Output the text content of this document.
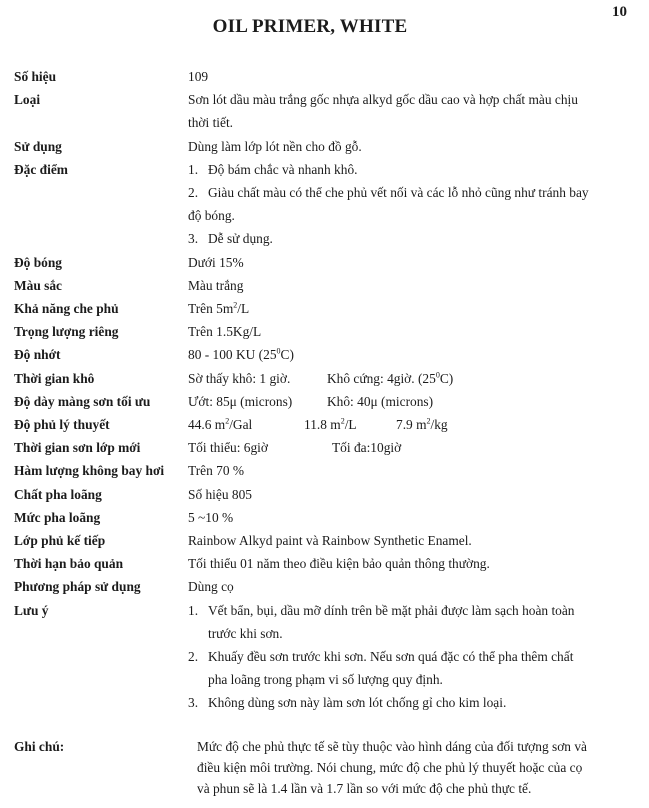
10
OIL PRIMER, WHITE
Số hiệu	109
Loại	Sơn lót dầu màu trắng gốc nhựa alkyd gốc dầu cao và hợp chất màu chịu
thời tiết.
Sử dụng	Dùng làm lớp lót nền cho đồ gỗ.
Đặc điểm	1. Độ bám chắc và nhanh khô.
2. Giàu chất màu có thể che phủ vết nối và các lỗ nhỏ cũng như tránh bay
độ bóng.
3. Dễ sử dụng.
Độ bóng	Dưới 15%
Màu sắc	Màu trắng
Khả năng che phủ	Trên $5m^2/L$
Trọng lượng riêng	Trên 1.5Kg/L
Độ nhớt	80 - 100 KU $(25^0C)$
Thời gian khô	Sờ thấy khô: 1 giờ.	Khô cứng: 4giờ. $(25^0C)$
Độ dày màng sơn tối ưu	Ướt: 85μ (microns)	Khô: 40μ (microns)
Độ phủ lý thuyết	44.6 $m^2$/Gal	11.8 $m^2/L$	7.9 $m^2/kg$
Thời gian sơn lớp mới	Tối thiểu: 6giờ	Tối đa:10giờ
Hàm lượng không bay hơi	Trên 70 %
Chất pha loãng	Số hiệu 805
Mức pha loãng	5 ~10 %
Lớp phủ kế tiếp	Rainbow Alkyd paint và Rainbow Synthetic Enamel.
Thời hạn bảo quản	Tối thiểu 01 năm theo điều kiện bảo quản thông thường.
Phương pháp sử dụng	Dùng cọ
Lưu ý	1. Vết bẩn, bụi, dầu mỡ dính trên bề mặt phải được làm sạch hoàn toàn
trước khi sơn.
2. Khuấy đều sơn trước khi sơn. Nếu sơn quá đặc có thể pha thêm chất
pha loãng trong phạm vi số lượng quy định.
3. Không dùng sơn này làm sơn lót chống gỉ cho kim loại.
Ghi chú:	Mức độ che phủ thực tế sẽ tùy thuộc vào hình dáng của đối tượng sơn và
điều kiện môi trường. Nói chung, mức độ che phủ lý thuyết hoặc của cọ
và phun sẽ là 1.4 lần và 1.7 lần so với mức độ che phủ thực tế.
